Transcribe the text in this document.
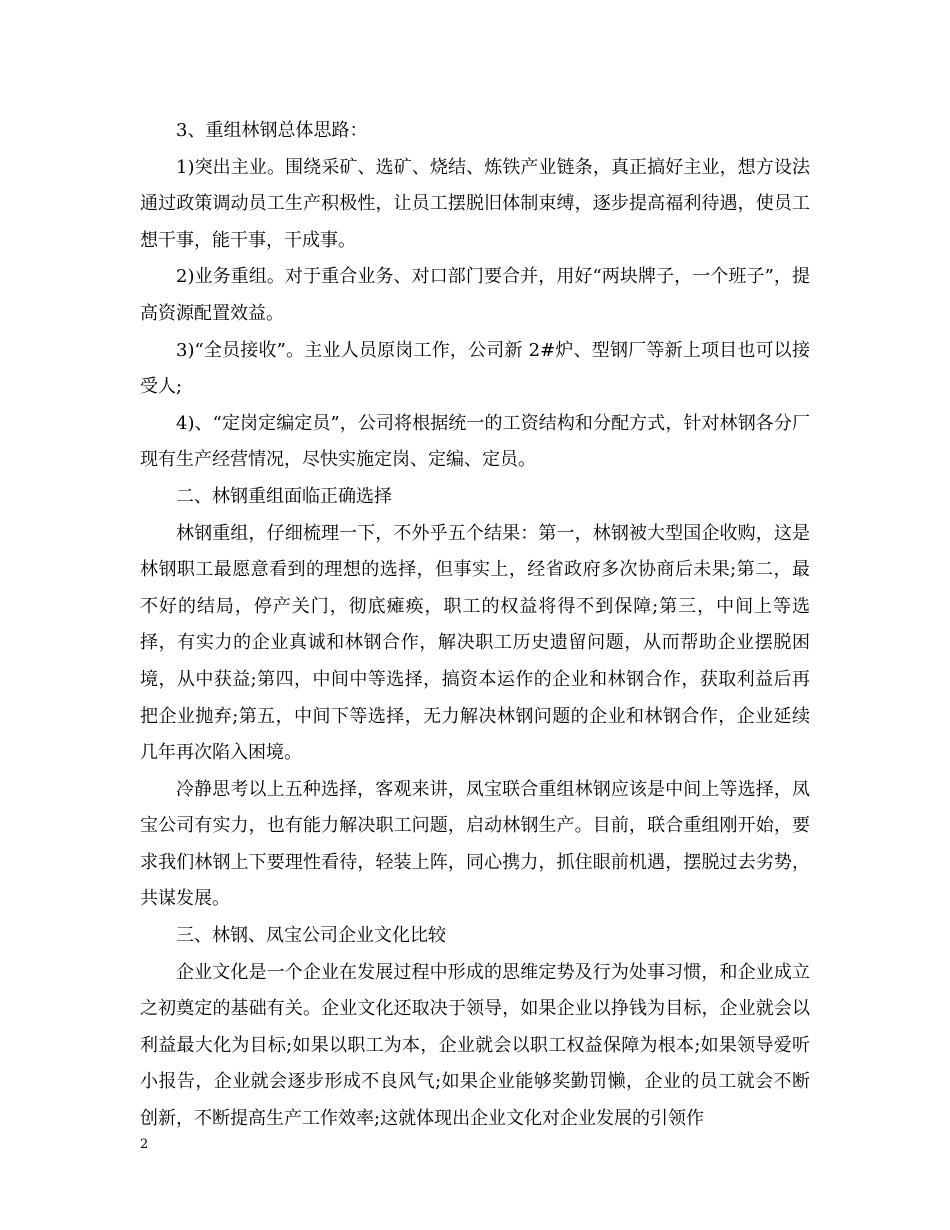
3、重组林钢总体思路：

1)突出主业。围绕采矿、选矿、烧结、炼铁产业链条，真正搞好主业，想方设法通过政策调动员工生产积极性，让员工摆脱旧体制束缚，逐步提高福利待遇，使员工想干事，能干事，干成事。

2)业务重组。对于重合业务、对口部门要合并，用好“两块牌子，一个班子”，提高资源配置效益。

3)“全员接收”。主业人员原岗工作，公司新 2#炉、型钢厂等新上项目也可以接受人;

4)、“定岗定编定员”，公司将根据统一的工资结构和分配方式，针对林钢各分厂现有生产经营情况，尽快实施定岗、定编、定员。

二、林钢重组面临正确选择

林钢重组，仔细梳理一下，不外乎五个结果：第一，林钢被大型国企收购，这是林钢职工最愿意看到的理想的选择，但事实上，经省政府多次协商后未果;第二，最不好的结局，停产关门，彻底瘫痪，职工的权益将得不到保障;第三，中间上等选择，有实力的企业真诚和林钢合作，解决职工历史遗留问题，从而帮助企业摆脱困境，从中获益;第四，中间中等选择，搞资本运作的企业和林钢合作，获取利益后再把企业抛弃;第五，中间下等选择，无力解决林钢问题的企业和林钢合作，企业延续几年再次陷入困境。

冷静思考以上五种选择，客观来讲，凤宝联合重组林钢应该是中间上等选择，凤宝公司有实力，也有能力解决职工问题，启动林钢生产。目前，联合重组刚开始，要求我们林钢上下要理性看待，轻装上阵，同心携力，抓住眼前机遇，摆脱过去劣势，共谋发展。

三、林钢、凤宝公司企业文化比较

企业文化是一个企业在发展过程中形成的思维定势及行为处事习惯，和企业成立之初奠定的基础有关。企业文化还取决于领导，如果企业以挣钱为目标，企业就会以利益最大化为目标;如果以职工为本，企业就会以职工权益保障为根本;如果领导爱听小报告，企业就会逐步形成不良风气;如果企业能够奖勤罚懒，企业的员工就会不断创新，不断提高生产工作效率;这就体现出企业文化对企业发展的引领作

2
